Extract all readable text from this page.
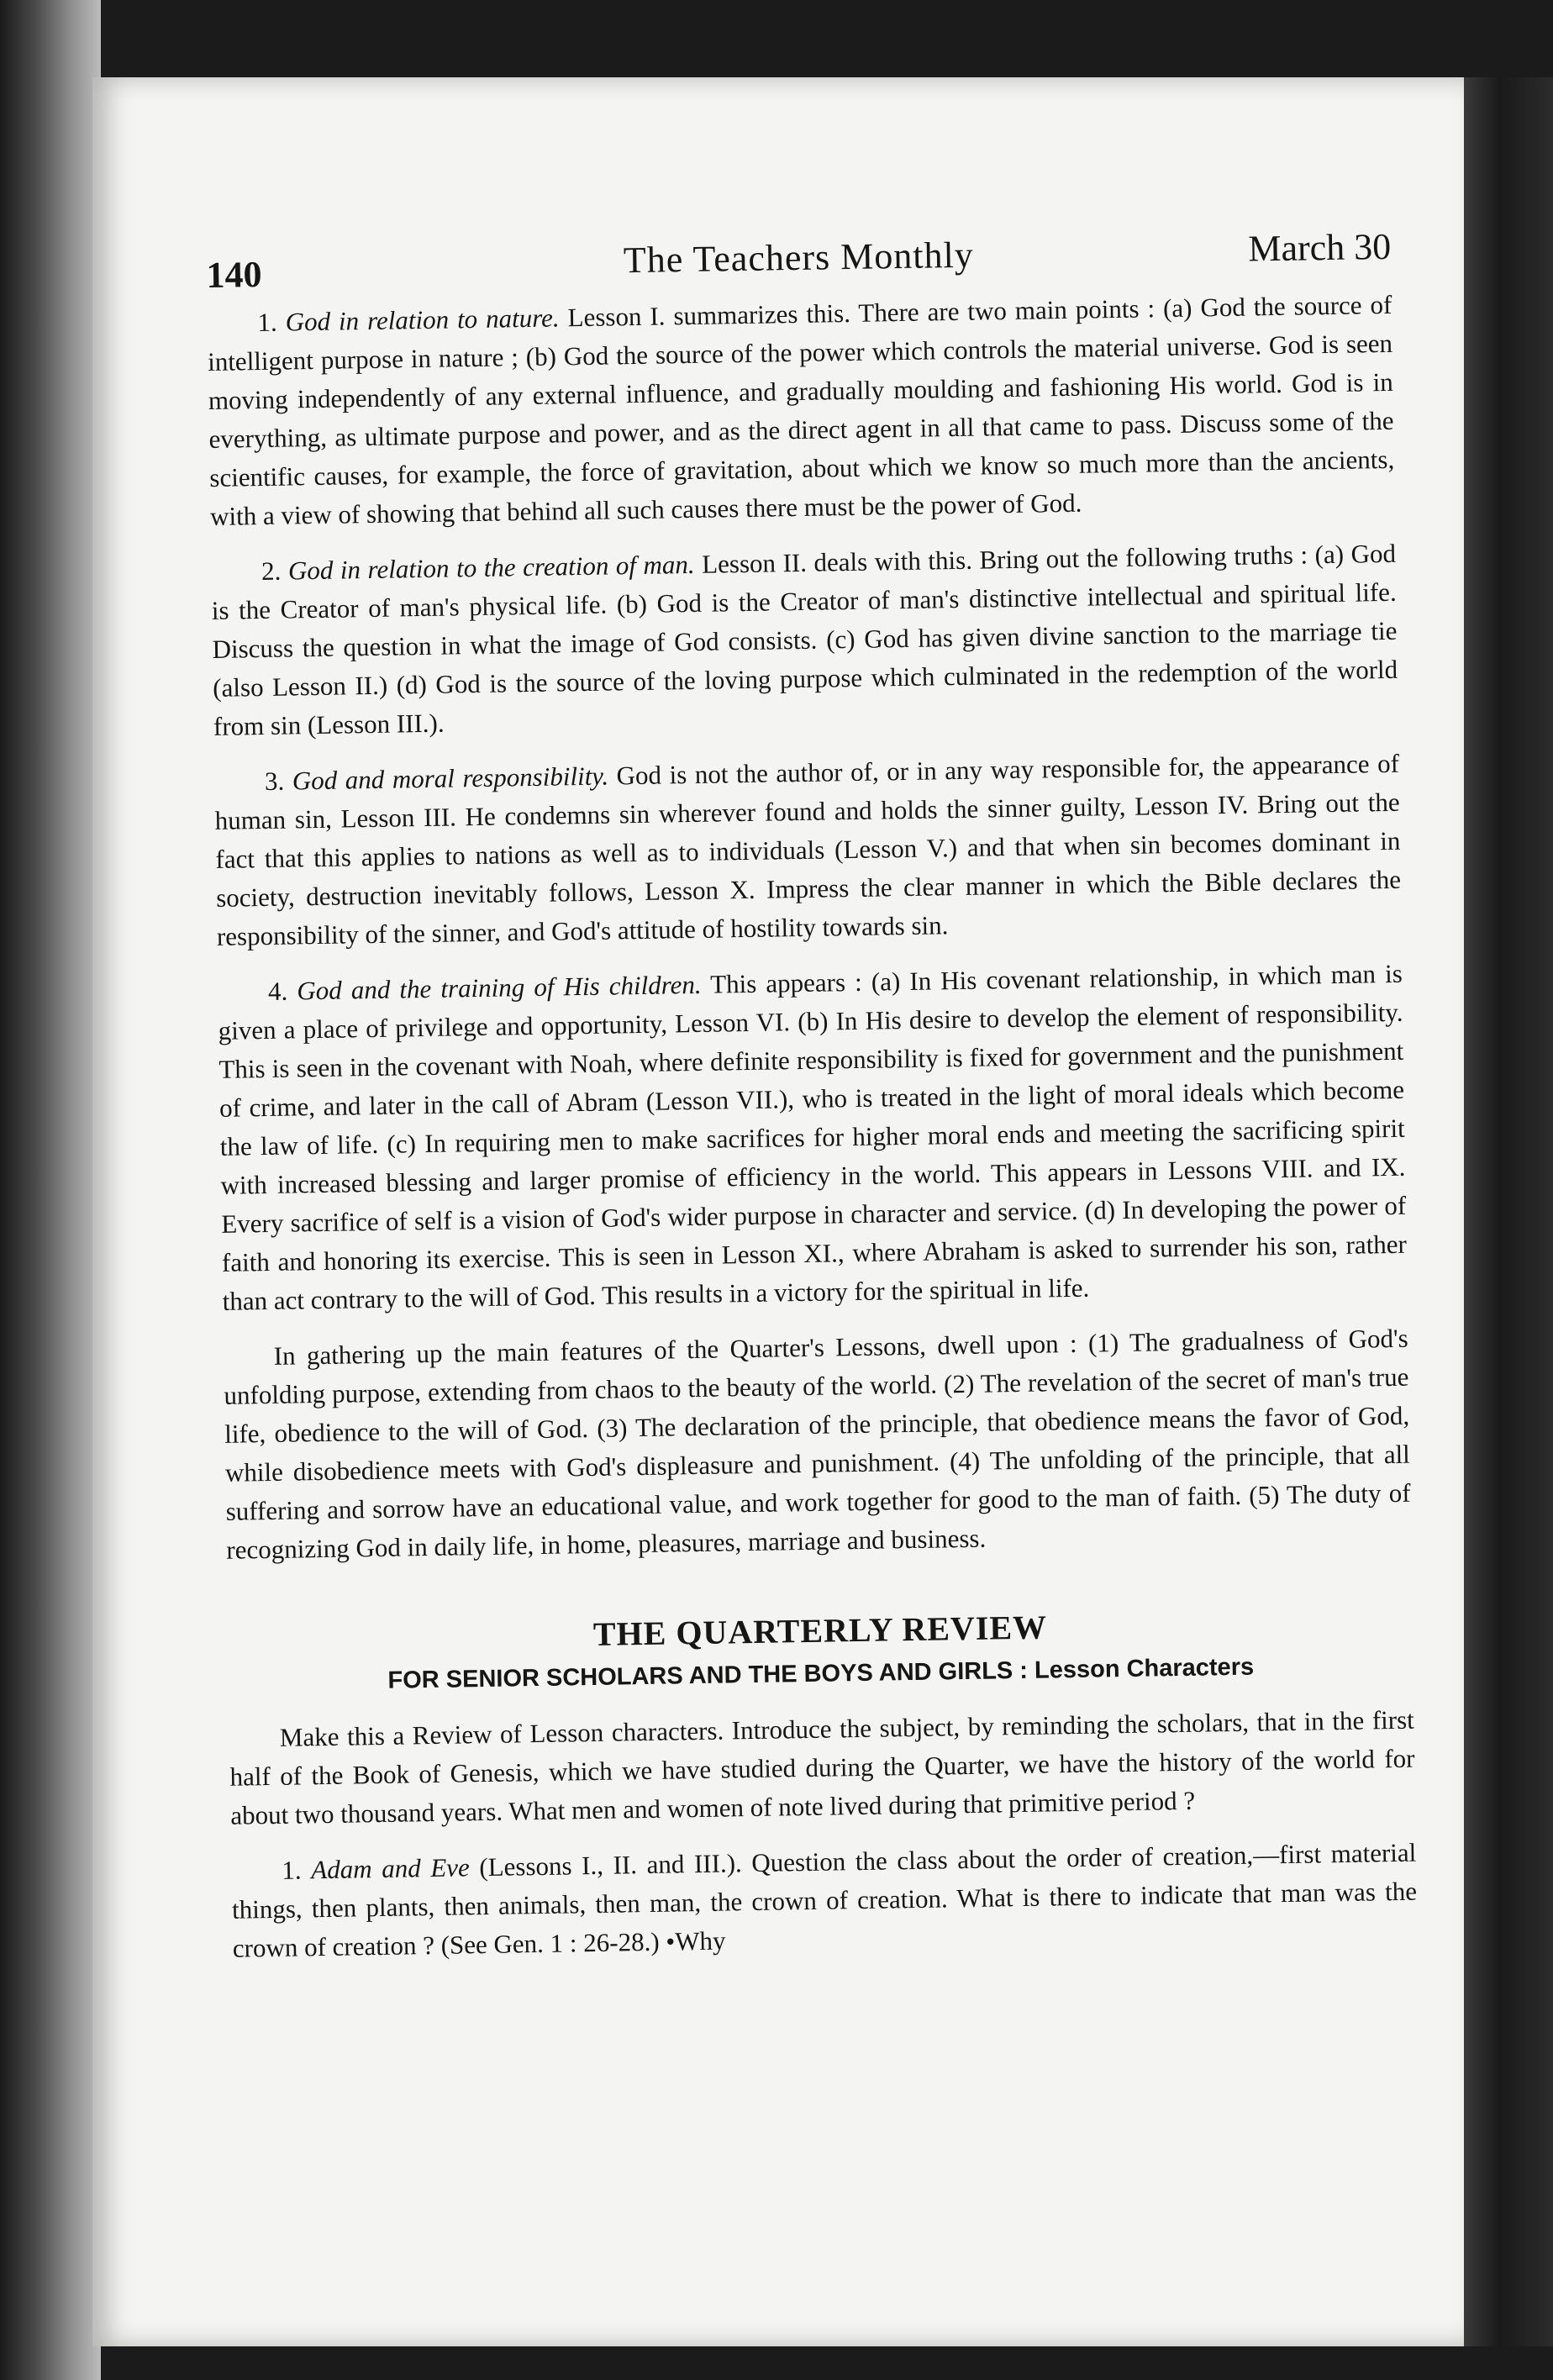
140	The Teachers Monthly	March 30

1. God in relation to nature. Lesson I. summarizes this. There are two main points : (a) God the source of intelligent purpose in nature ; (b) God the source of the power which controls the material universe. God is seen moving independently of any external influence, and gradually moulding and fashioning His world. God is in everything, as ultimate purpose and power, and as the direct agent in all that came to pass. Discuss some of the scientific causes, for example, the force of gravitation, about which we know so much more than the ancients, with a view of showing that behind all such causes there must be the power of God.

2. God in relation to the creation of man. Lesson II. deals with this. Bring out the following truths : (a) God is the Creator of man's physical life. (b) God is the Creator of man's distinctive intellectual and spiritual life. Discuss the question in what the image of God consists. (c) God has given divine sanction to the marriage tie (also Lesson II.) (d) God is the source of the loving purpose which culminated in the redemption of the world from sin (Lesson III.).

3. God and moral responsibility. God is not the author of, or in any way responsible for, the appearance of human sin, Lesson III. He condemns sin wherever found and holds the sinner guilty, Lesson IV. Bring out the fact that this applies to nations as well as to individuals (Lesson V.) and that when sin becomes dominant in society, destruction inevitably follows, Lesson X. Impress the clear manner in which the Bible declares the responsibility of the sinner, and God's attitude of hostility towards sin.

4. God and the training of His children. This appears : (a) In His covenant relationship, in which man is given a place of privilege and opportunity, Lesson VI. (b) In His desire to develop the element of responsibility. This is seen in the covenant with Noah, where definite responsibility is fixed for government and the punishment of crime, and later in the call of Abram (Lesson VII.), who is treated in the light of moral ideals which become the law of life. (c) In requiring men to make sacrifices for higher moral ends and meeting the sacrificing spirit with increased blessing and larger promise of efficiency in the world. This appears in Lessons VIII. and IX. Every sacrifice of self is a vision of God's wider purpose in character and service. (d) In developing the power of faith and honoring its exercise. This is seen in Lesson XI., where Abraham is asked to surrender his son, rather than act contrary to the will of God. This results in a victory for the spiritual in life.

In gathering up the main features of the Quarter's Lessons, dwell upon : (1) The gradualness of God's unfolding purpose, extending from chaos to the beauty of the world. (2) The revelation of the secret of man's true life, obedience to the will of God. (3) The declaration of the principle, that obedience means the favor of God, while disobedience meets with God's displeasure and punishment. (4) The unfolding of the principle, that all suffering and sorrow have an educational value, and work together for good to the man of faith. (5) The duty of recognizing God in daily life, in home, pleasures, marriage and business.

THE QUARTERLY REVIEW
FOR SENIOR SCHOLARS AND THE BOYS AND GIRLS : Lesson Characters

Make this a Review of Lesson characters. Introduce the subject, by reminding the scholars, that in the first half of the Book of Genesis, which we have studied during the Quarter, we have the history of the world for about two thousand years. What men and women of note lived during that primitive period ?

1. Adam and Eve (Lessons I., II. and III.). Question the class about the order of creation,—first material things, then plants, then animals, then man, the crown of creation. What is there to indicate that man was the crown of creation ? (See Gen. 1 : 26-28.) •Why
